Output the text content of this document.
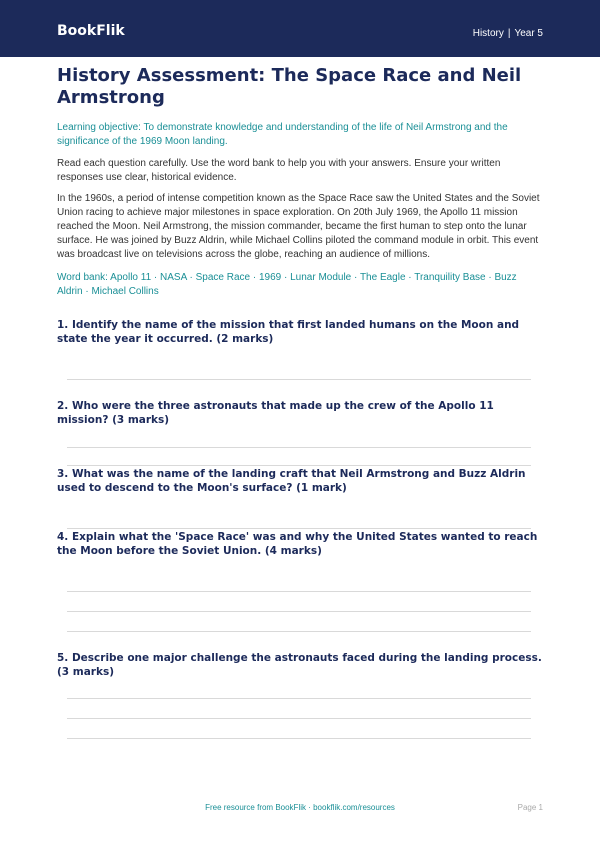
BookFlik	History | Year 5
History Assessment: The Space Race and Neil Armstrong

Learning objective: To demonstrate knowledge and understanding of the life of Neil Armstrong and the significance of the 1969 Moon landing.

Read each question carefully. Use the word bank to help you with your answers. Ensure your written responses use clear, historical evidence.

In the 1960s, a period of intense competition known as the Space Race saw the United States and the Soviet Union racing to achieve major milestones in space exploration. On 20th July 1969, the Apollo 11 mission reached the Moon. Neil Armstrong, the mission commander, became the first human to step onto the lunar surface. He was joined by Buzz Aldrin, while Michael Collins piloted the command module in orbit. This event was broadcast live on televisions across the globe, reaching an audience of millions.

Word bank: Apollo 11 · NASA · Space Race · 1969 · Lunar Module · The Eagle · Tranquility Base · Buzz Aldrin · Michael Collins

1. Identify the name of the mission that first landed humans on the Moon and state the year it occurred. (2 marks)

2. Who were the three astronauts that made up the crew of the Apollo 11 mission? (3 marks)

3. What was the name of the landing craft that Neil Armstrong and Buzz Aldrin used to descend to the Moon's surface? (1 mark)

4. Explain what the 'Space Race' was and why the United States wanted to reach the Moon before the Soviet Union. (4 marks)

5. Describe one major challenge the astronauts faced during the landing process. (3 marks)

Free resource from BookFlik · bookflik.com/resources	Page 1
